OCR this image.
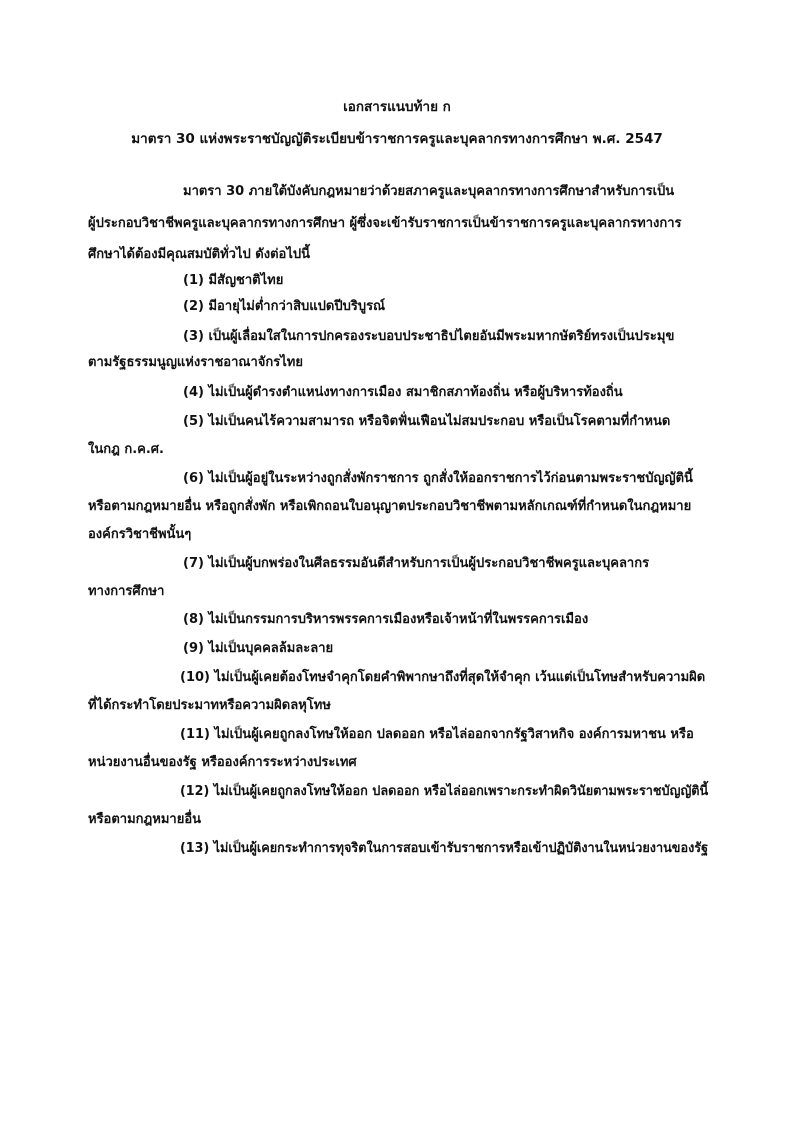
เอกสารแนบท้าย ก
มาตรา 30 แห่งพระราชบัญญัติระเบียบข้าราชการครูและบุคลากรทางการศึกษา พ.ศ. 2547
มาตรา 30 ภายใต้บังคับกฎหมายว่าด้วยสภาครูและบุคลากรทางการศึกษาสำหรับการเป็น
ผู้ประกอบวิชาชีพครูและบุคลากรทางการศึกษา ผู้ซึ่งจะเข้ารับราชการเป็นข้าราชการครูและบุคลากรทางการ
ศึกษาได้ต้องมีคุณสมบัติทั่วไป ดังต่อไปนี้
(1) มีสัญชาติไทย
(2) มีอายุไม่ต่ำกว่าสิบแปดปีบริบูรณ์
(3) เป็นผู้เลื่อมใสในการปกครองระบอบประชาธิปไตยอันมีพระมหากษัตริย์ทรงเป็นประมุข
ตามรัฐธรรมนูญแห่งราชอาณาจักรไทย
(4) ไม่เป็นผู้ดำรงตำแหน่งทางการเมือง สมาชิกสภาท้องถิ่น หรือผู้บริหารท้องถิ่น
(5) ไม่เป็นคนไร้ความสามารถ หรือจิตฟั่นเฟือนไม่สมประกอบ หรือเป็นโรคตามที่กำหนด
ในกฎ ก.ค.ศ.
(6) ไม่เป็นผู้อยู่ในระหว่างถูกสั่งพักราชการ ถูกสั่งให้ออกราชการไว้ก่อนตามพระราชบัญญัตินี้
หรือตามกฎหมายอื่น หรือถูกสั่งพัก หรือเพิกถอนใบอนุญาตประกอบวิชาชีพตามหลักเกณฑ์ที่กำหนดในกฎหมาย
องค์กรวิชาชีพนั้นๆ
(7) ไม่เป็นผู้บกพร่องในศีลธรรมอันดีสำหรับการเป็นผู้ประกอบวิชาชีพครูและบุคลากร
ทางการศึกษา
(8) ไม่เป็นกรรมการบริหารพรรคการเมืองหรือเจ้าหน้าที่ในพรรคการเมือง
(9) ไม่เป็นบุคคลล้มละลาย
(10) ไม่เป็นผู้เคยต้องโทษจำคุกโดยคำพิพากษาถึงที่สุดให้จำคุก เว้นแต่เป็นโทษสำหรับความผิด
ที่ได้กระทำโดยประมาทหรือความผิดลหุโทษ
(11) ไม่เป็นผู้เคยถูกลงโทษให้ออก ปลดออก หรือไล่ออกจากรัฐวิสาหกิจ องค์การมหาชน หรือ
หน่วยงานอื่นของรัฐ หรือองค์การระหว่างประเทศ
(12) ไม่เป็นผู้เคยถูกลงโทษให้ออก ปลดออก หรือไล่ออกเพราะกระทำผิดวินัยตามพระราชบัญญัตินี้
หรือตามกฎหมายอื่น
(13) ไม่เป็นผู้เคยกระทำการทุจริตในการสอบเข้ารับราชการหรือเข้าปฏิบัติงานในหน่วยงานของรัฐ
